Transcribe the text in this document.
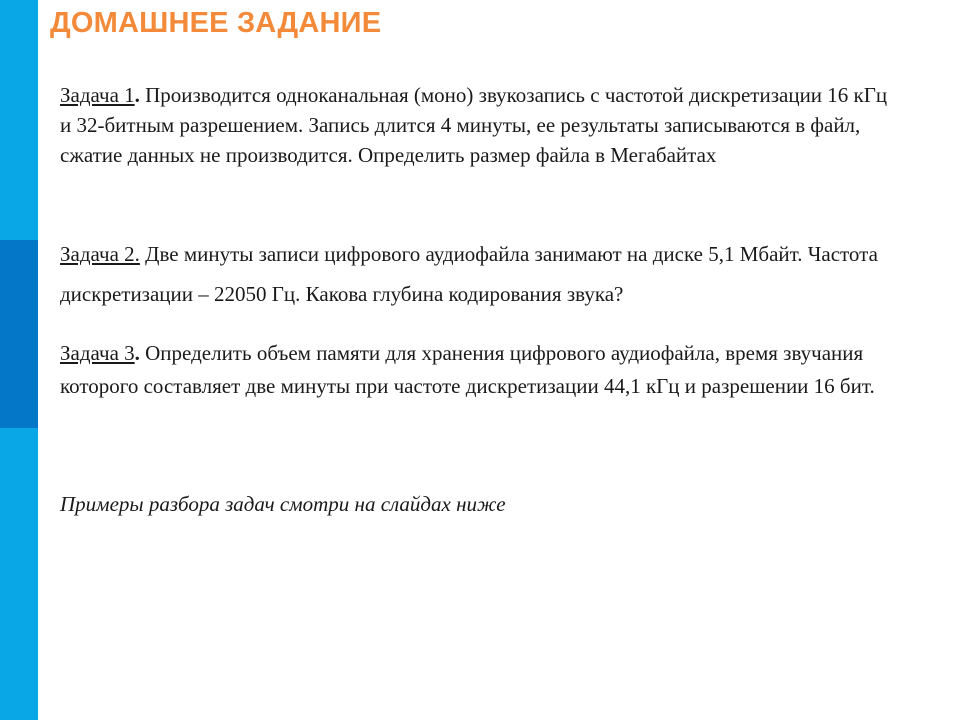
ДОМАШНЕЕ ЗАДАНИЕ
Задача 1. Производится одноканальная (моно) звукозапись с частотой дискретизации 16 кГц и 32-битным разрешением. Запись длится 4 минуты, ее результаты записываются в файл, сжатие данных не производится. Определить размер файла в Мегабайтах
Задача 2. Две минуты записи цифрового аудиофайла занимают на диске 5,1 Мбайт. Частота дискретизации – 22050 Гц. Какова глубина кодирования звука?
Задача 3. Определить объем памяти для хранения цифрового аудиофайла, время звучания которого составляет две минуты при частоте дискретизации 44,1 кГц и разрешении 16 бит.
Примеры разбора задач смотри на слайдах ниже
